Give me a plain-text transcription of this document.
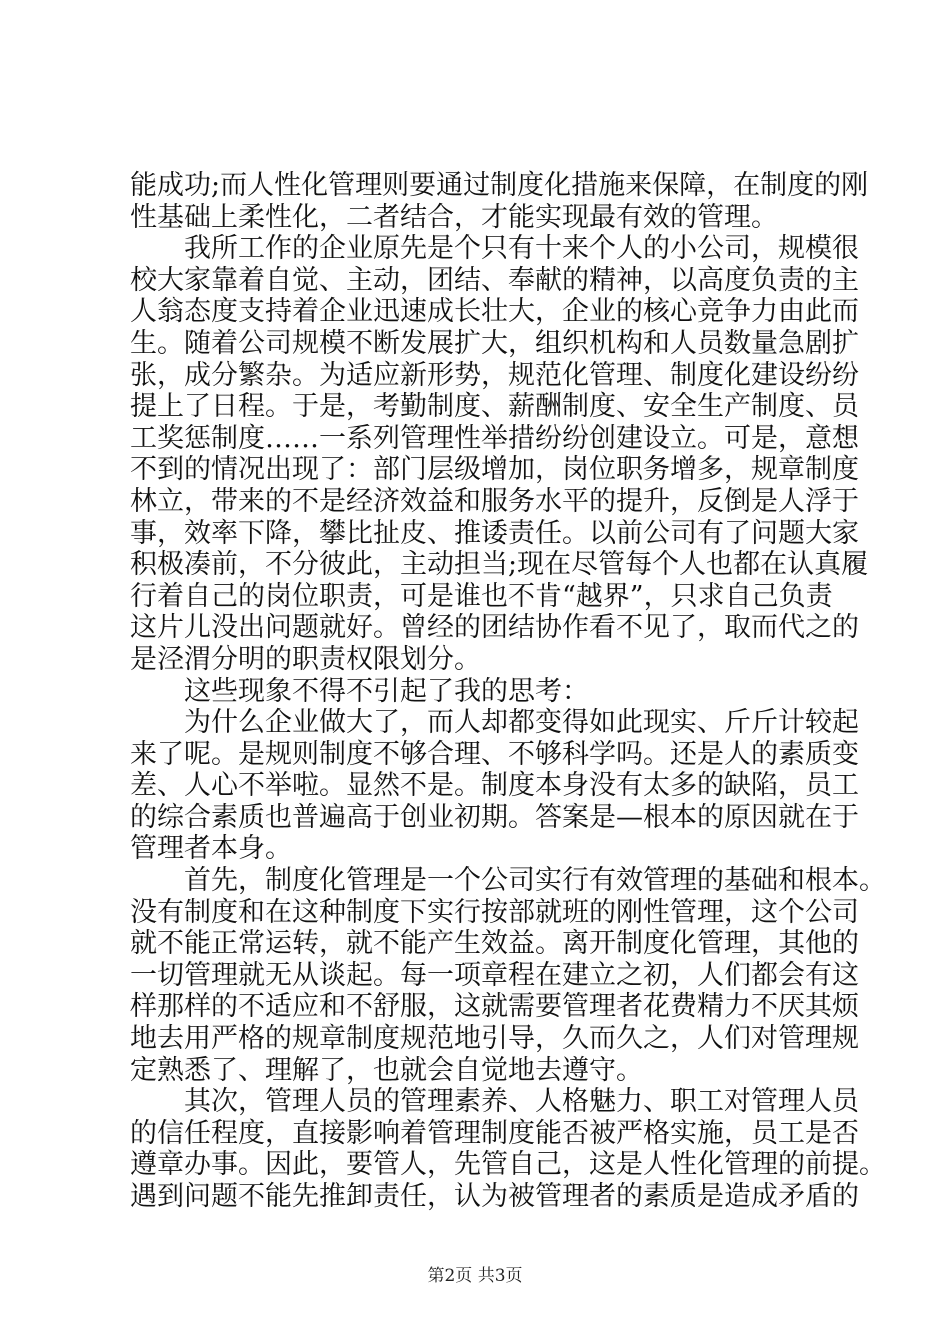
能成功;而人性化管理则要通过制度化措施来保障，在制度的刚
性基础上柔性化，二者结合，才能实现最有效的管理。
我所工作的企业原先是个只有十来个人的小公司，规模很
校大家靠着自觉、主动，团结、奉献的精神，以高度负责的主
人翁态度支持着企业迅速成长壮大，企业的核心竞争力由此而
生。随着公司规模不断发展扩大，组织机构和人员数量急剧扩
张，成分繁杂。为适应新形势，规范化管理、制度化建设纷纷
提上了日程。于是，考勤制度、薪酬制度、安全生产制度、员
工奖惩制度……一系列管理性举措纷纷创建设立。可是，意想
不到的情况出现了：部门层级增加，岗位职务增多，规章制度
林立，带来的不是经济效益和服务水平的提升，反倒是人浮于
事，效率下降，攀比扯皮、推诿责任。以前公司有了问题大家
积极凑前，不分彼此，主动担当;现在尽管每个人也都在认真履
行着自己的岗位职责，可是谁也不肯“越界”，只求自己负责
这片儿没出问题就好。曾经的团结协作看不见了，取而代之的
是泾渭分明的职责权限划分。
这些现象不得不引起了我的思考：
为什么企业做大了，而人却都变得如此现实、斤斤计较起
来了呢。是规则制度不够合理、不够科学吗。还是人的素质变
差、人心不举啦。显然不是。制度本身没有太多的缺陷，员工
的综合素质也普遍高于创业初期。答案是—根本的原因就在于
管理者本身。
首先，制度化管理是一个公司实行有效管理的基础和根本。
没有制度和在这种制度下实行按部就班的刚性管理，这个公司
就不能正常运转，就不能产生效益。离开制度化管理，其他的
一切管理就无从谈起。每一项章程在建立之初，人们都会有这
样那样的不适应和不舒服，这就需要管理者花费精力不厌其烦
地去用严格的规章制度规范地引导，久而久之，人们对管理规
定熟悉了、理解了，也就会自觉地去遵守。
其次，管理人员的管理素养、人格魅力、职工对管理人员
的信任程度，直接影响着管理制度能否被严格实施，员工是否
遵章办事。因此，要管人，先管自己，这是人性化管理的前提。
遇到问题不能先推卸责任，认为被管理者的素质是造成矛盾的
第2页 共3页
